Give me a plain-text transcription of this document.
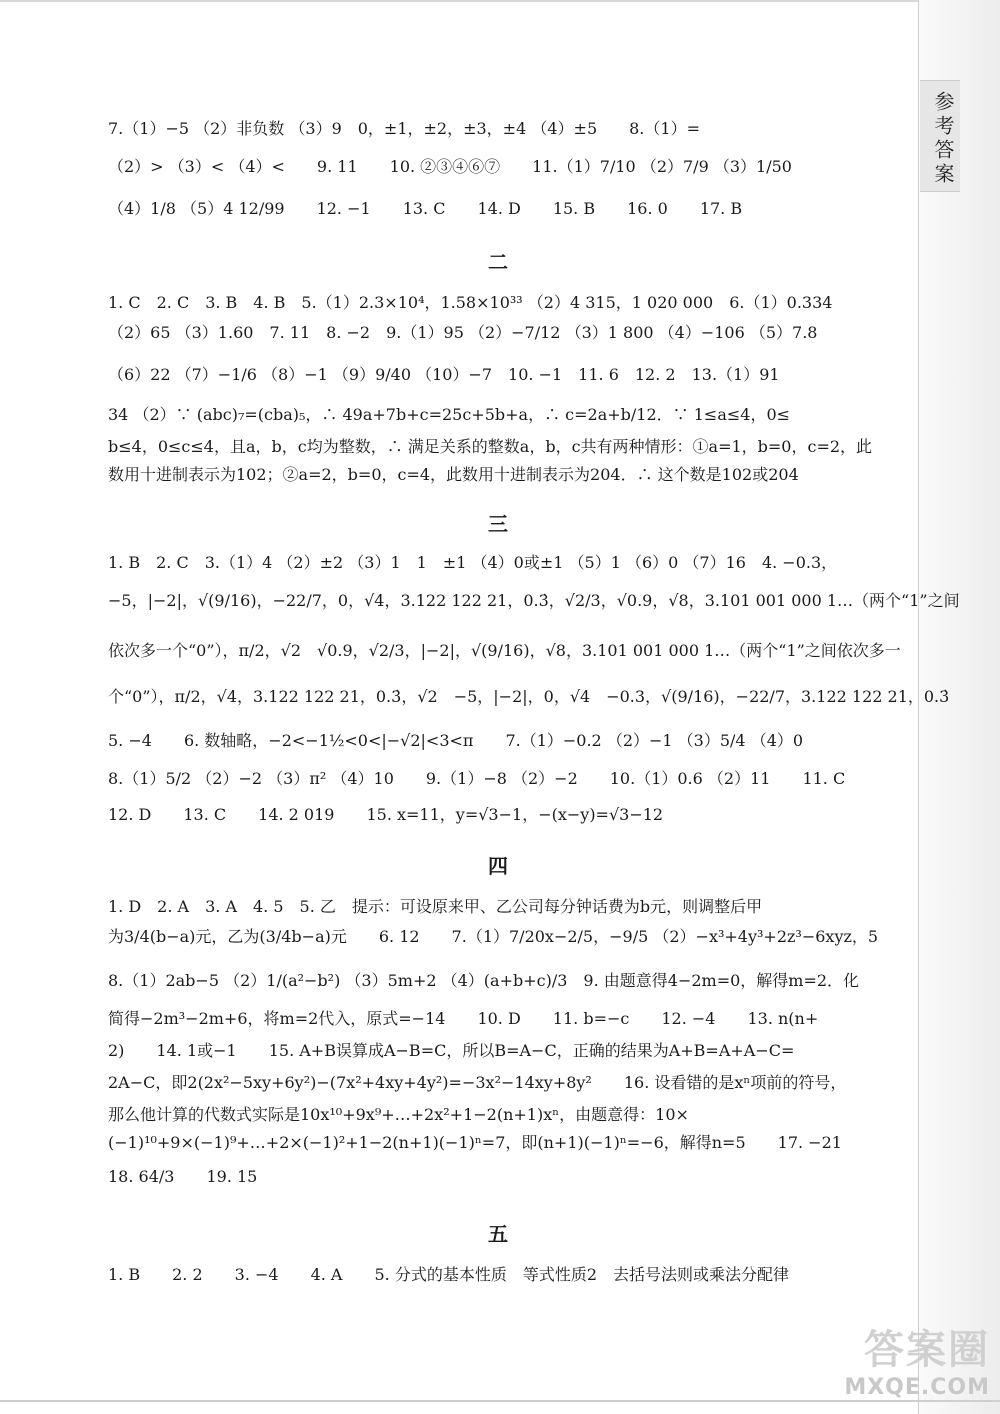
参考答案
7.（1）−5 （2）非负数 （3）9　0，±1，±2，±3，±4 （4）±5　　8.（1）=
（2）> （3）< （4）<　　9. 11　　10. ②③④⑥⑦　　11.（1）7/10 （2）7/9 （3）1/50
（4）1/8 （5）4 12/99　　12. −1　　13. C　　14. D　　15. B　　16. 0　　17. B
二
1. C　2. C　3. B　4. B　5.（1）2.3×10⁴，1.58×10³³ （2）4 315，1 020 000　6.（1）0.334
（2）65 （3）1.60　7. 11　8. −2　9.（1）95 （2）−7/12 （3）1 800 （4）−106 （5）7.8
（6）22 （7）−1/6 （8）−1 （9）9/40 （10）−7　10. −1　11. 6　12. 2　13.（1）91
34 （2）∵ (abc)₇=(cba)₅，∴ 49a+7b+c=25c+5b+a，∴ c=2a+b/12．∵ 1≤a≤4，0≤
b≤4，0≤c≤4，且a，b，c均为整数，∴ 满足关系的整数a，b，c共有两种情形：①a=1，b=0，c=2，此
数用十进制表示为102；②a=2，b=0，c=4，此数用十进制表示为204．∴ 这个数是102或204
三
1. B　2. C　3.（1）4 （2）±2 （3）1　1　±1 （4）0或±1 （5）1 （6）0 （7）16　4. −0.3，
−5，|−2|，√(9/16)，−22/7，0，√4，3.122 122 21，0.3̇，√2/3，√0.9，√8，3.101 001 000 1…（两个“1”之间
依次多一个“0”），π/2，√2　√0.9，√2/3，|−2|，√(9/16)，√8，3.101 001 000 1…（两个“1”之间依次多一
个“0”），π/2，√4，3.122 122 21，0.3̇，√2　−5，|−2|，0，√4　−0.3，√(9/16)，−22/7，3.122 122 21，0.3̇
5. −4　　6. 数轴略，−2<−1½<0<|−√2|<3<π　　7.（1）−0.2 （2）−1 （3）5/4 （4）0
8.（1）5/2 （2）−2 （3）π² （4）10　　9.（1）−8 （2）−2　　10.（1）0.6 （2）11　　11. C
12. D　　13. C　　14. 2 019　　15. x=11，y=√3−1，−(x−y)=√3−12
四
1. D　2. A　3. A　4. 5　5. 乙　提示：可设原来甲、乙公司每分钟话费为b元，则调整后甲
为3/4(b−a)元，乙为(3/4b−a)元　　6. 12　　7.（1）7/20x−2/5，−9/5 （2）−x³+4y³+2z³−6xyz，5
8.（1）2ab−5 （2）1/(a²−b²) （3）5m+2 （4）(a+b+c)/3　9. 由题意得4−2m=0，解得m=2．化
简得−2m³−2m+6，将m=2代入，原式=−14　　10. D　　11. b=−c　　12. −4　　13. n(n+
2)　　14. 1或−1　　15. A+B误算成A−B=C，所以B=A−C，正确的结果为A+B=A+A−C=
2A−C，即2(2x²−5xy+6y²)−(7x²+4xy+4y²)=−3x²−14xy+8y²　　16. 设看错的是xⁿ项前的符号，
那么他计算的代数式实际是10x¹⁰+9x⁹+…+2x²+1−2(n+1)xⁿ，由题意得：10×
(−1)¹⁰+9×(−1)⁹+…+2×(−1)²+1−2(n+1)(−1)ⁿ=7，即(n+1)(−1)ⁿ=−6，解得n=5　　17. −21
18. 64/3　　19. 15
五
1. B　　2. 2　　3. −4　　4. A　　5. 分式的基本性质　等式性质2　去括号法则或乘法分配律
答案圈
MXQE.COM
